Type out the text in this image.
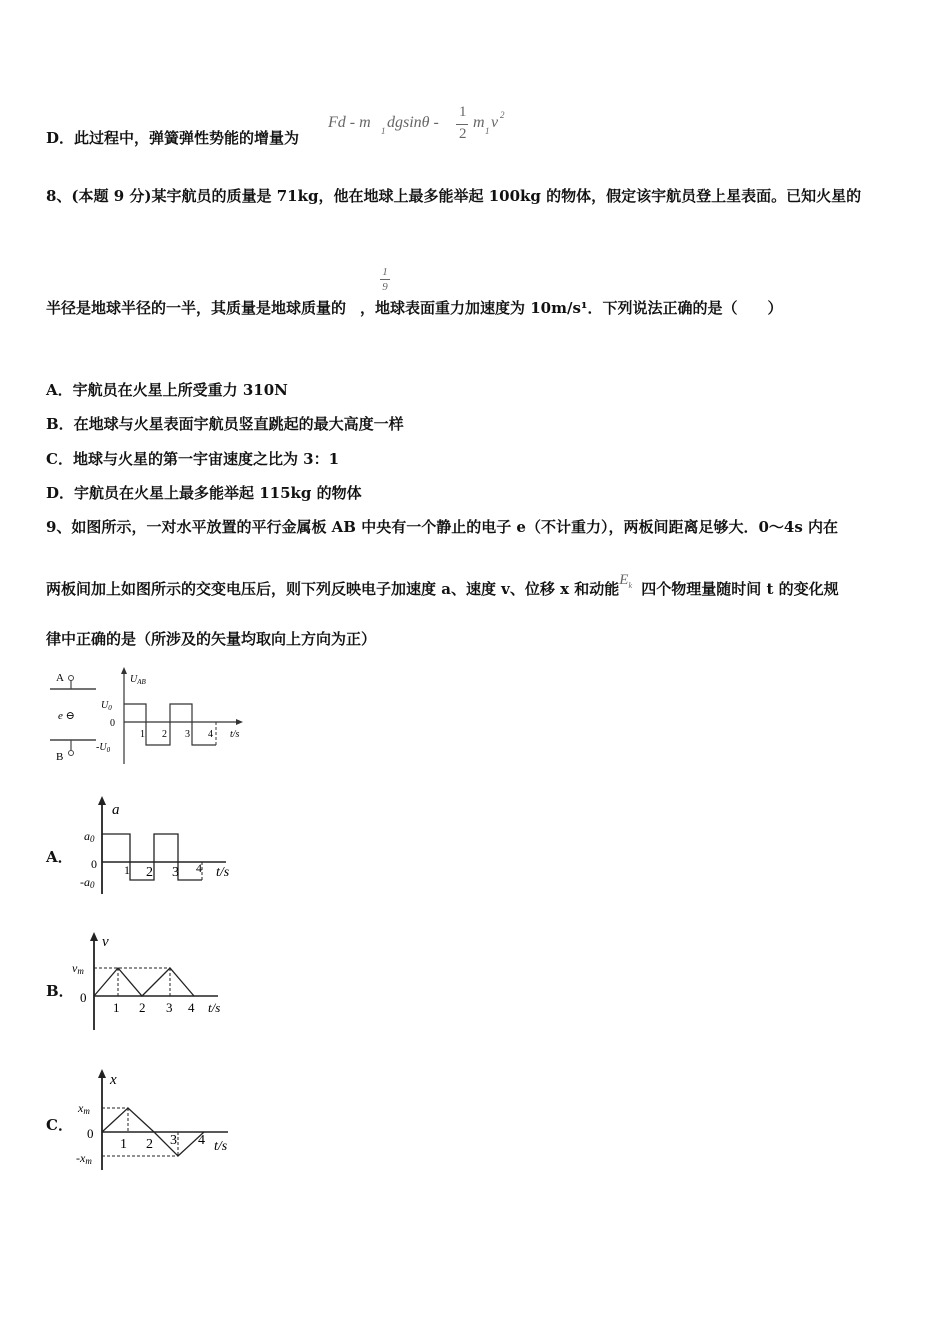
D．此过程中，弹簧弹性势能的增量为
Fd - m 1 dgsinθ -
1
2
m 1 v 2
8、(本题 9 分)某宇航员的质量是 71kg，他在地球上最多能举起 100kg 的物体，假定该宇航员登上星表面。已知火星的
1
9
半径是地球半径的一半，其质量是地球质量的 ，地球表面重力加速度为 10m/s¹．下列说法正确的是（　　）
A．宇航员在火星上所受重力 310N
B．在地球与火星表面宇航员竖直跳起的最大高度一样
C．地球与火星的第一宇宙速度之比为 3：1
D．宇航员在火星上最多能举起 115kg 的物体
9、如图所示，一对水平放置的平行金属板 AB 中央有一个静止的电子 e（不计重力），两板间距离足够大．0～4s 内在
两板间加上如图所示的交变电压后，则下列反映电子加速度 a、速度 v、位移 x 和动能$E_k$ 四个物理量随时间 t 的变化规
律中正确的是（所涉及的矢量均取向上方向为正）
A
B
e ⊖
$U_{AB}$
$U_0$
0
$-U_0$
1 2 3 4 t/s
A．
a
a0
0
-a0
1 2 3 4 t/s
B．
v
vm
0
1 2 3 4 t/s
C．
x
xm
0
-xm
1 2 3 4 t/s
